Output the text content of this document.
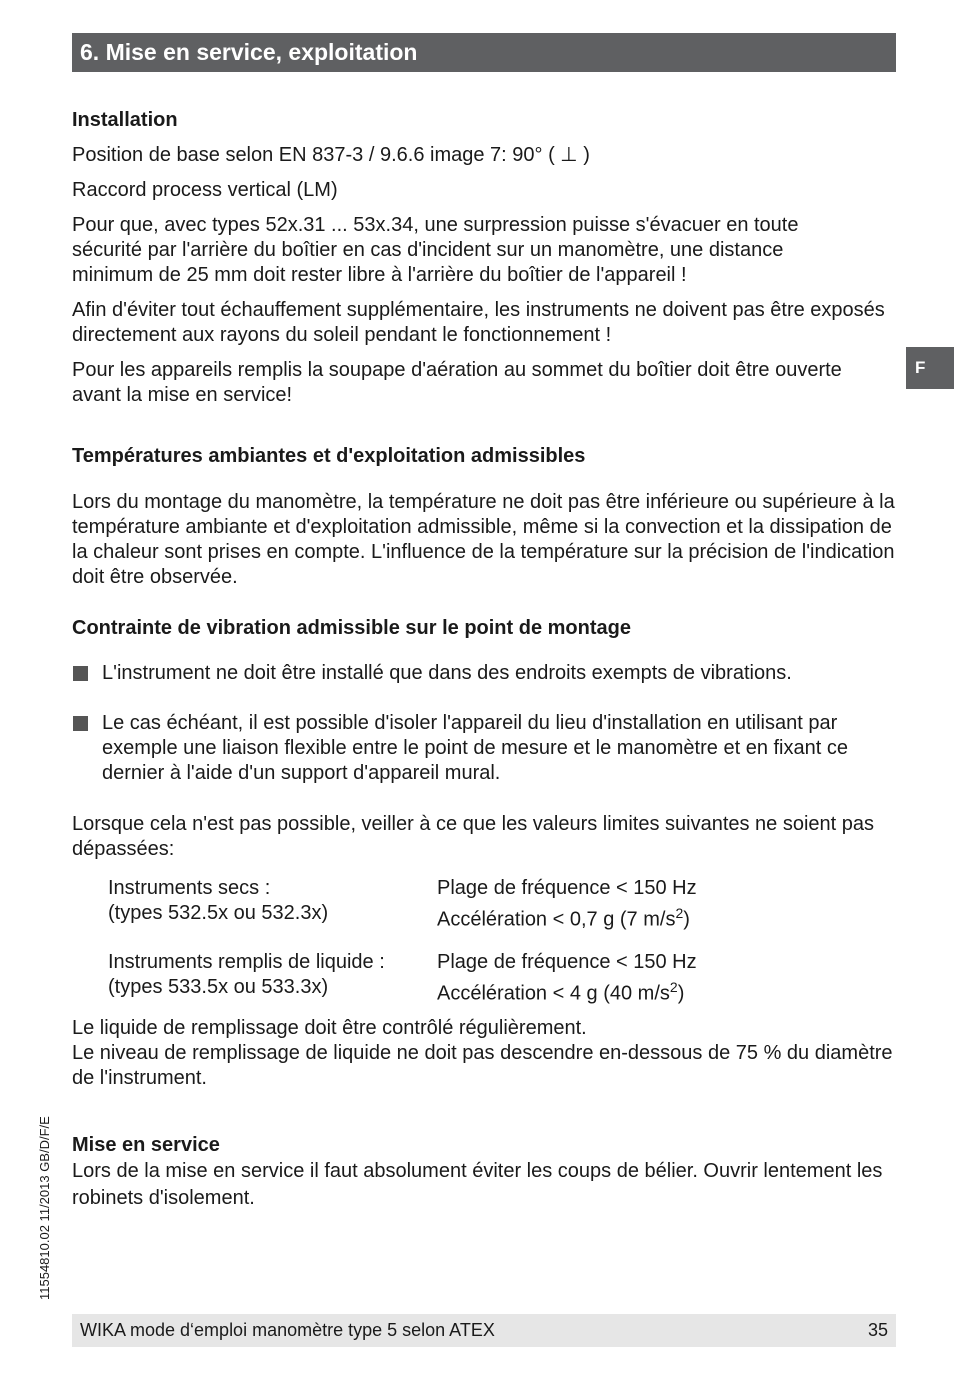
6. Mise en service, exploitation
F
11554810.02 11/2013 GB/D/F/E

Installation

Position de base selon EN 837-3 / 9.6.6 image 7: 90° ( ⊥ )

Raccord process vertical (LM)

Pour que, avec types 52x.31 ... 53x.34, une surpression puisse s'évacuer en toute sécurité par l'arrière du boîtier en cas d'incident sur un manomètre, une distance minimum de 25 mm doit rester libre à l'arrière du boîtier de l'appareil !

Afin d'éviter tout échauffement supplémentaire, les instruments ne doivent pas être exposés directement aux rayons du soleil pendant le fonctionnement !

Pour les appareils remplis la soupape d'aération au sommet du boîtier doit être ouverte avant la mise en service!

Températures ambiantes et d'exploitation admissibles

Lors du montage du manomètre, la température ne doit pas être inférieure ou supérieure à la température ambiante et d'exploitation admissible, même si la convection et la dissipation de la chaleur sont prises en compte. L'influence de la température sur la précision de l'indication doit être observée.

Contrainte de vibration admissible sur le point de montage

L'instrument ne doit être installé que dans des endroits exempts de vibrations.
Le cas échéant, il est possible d'isoler l'appareil du lieu d'installation en utilisant par exemple une liaison flexible entre le point de mesure et le manomètre et en fixant ce dernier à l'aide d'un support d'appareil mural.

Lorsque cela n'est pas possible, veiller à ce que les valeurs limites suivantes ne soient pas dépassées:

Instruments secs :	Plage de fréquence < 150 Hz
(types 532.5x ou 532.3x)	Accélération < 0,7 g (7 $m/s^2$)

Instruments remplis de liquide :	Plage de fréquence < 150 Hz
(types 533.5x ou 533.3x)	Accélération < 4 g (40 $m/s^2$)

Le liquide de remplissage doit être contrôlé régulièrement.

Le niveau de remplissage de liquide ne doit pas descendre en-dessous de 75 % du diamètre de l'instrument.

Mise en service

Lors de la mise en service il faut absolument éviter les coups de bélier. Ouvrir lentement les robinets d'isolement.

WIKA mode d‘emploi manomètre type 5 selon ATEX	35
